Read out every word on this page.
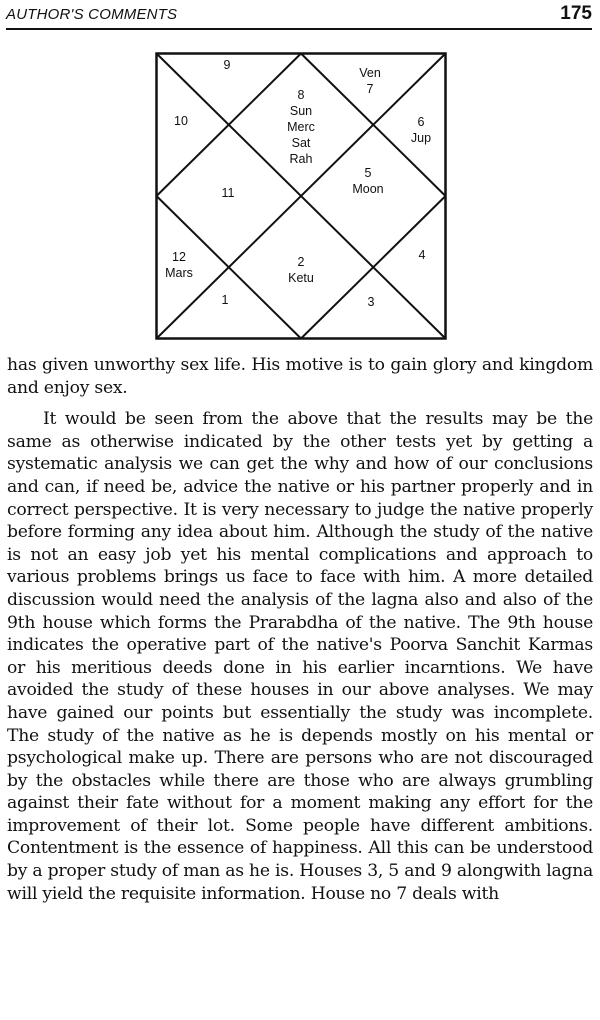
AUTHOR'S COMMENTS	175
9
Ven
7
8
Sun
Merc
Sat
Rah
10	6
Jup
11
5
Moon
12
Mars
2
Ketu
4
1	3

has given unworthy sex life. His motive is to gain glory and kingdom and enjoy sex.

It would be seen from the above that the results may be the same as otherwise indicated by the other tests yet by getting a systematic analysis we can get the why and how of our conclusions and can, if need be, advice the native or his partner properly and in correct perspective. It is very necessary to judge the native properly before forming any idea about him. Although the study of the native is not an easy job yet his mental complications and approach to various problems brings us face to face with him. A more detailed discussion would need the analysis of the lagna also and also of the 9th house which forms the Prarabdha of the native. The 9th house indicates the operative part of the native's Poorva Sanchit Karmas or his meritious deeds done in his earlier incarntions. We have avoided the study of these houses in our above analyses. We may have gained our points but essentially the study was incomplete. The study of the native as he is depends mostly on his mental or psychological make up. There are persons who are not discouraged by the obstacles while there are those who are always grumbling against their fate without for a moment making any effort for the improvement of their lot. Some people have different ambitions. Contentment is the essence of happiness. All this can be understood by a proper study of man as he is. Houses 3, 5 and 9 alongwith lagna will yield the requisite information. House no 7 deals with
